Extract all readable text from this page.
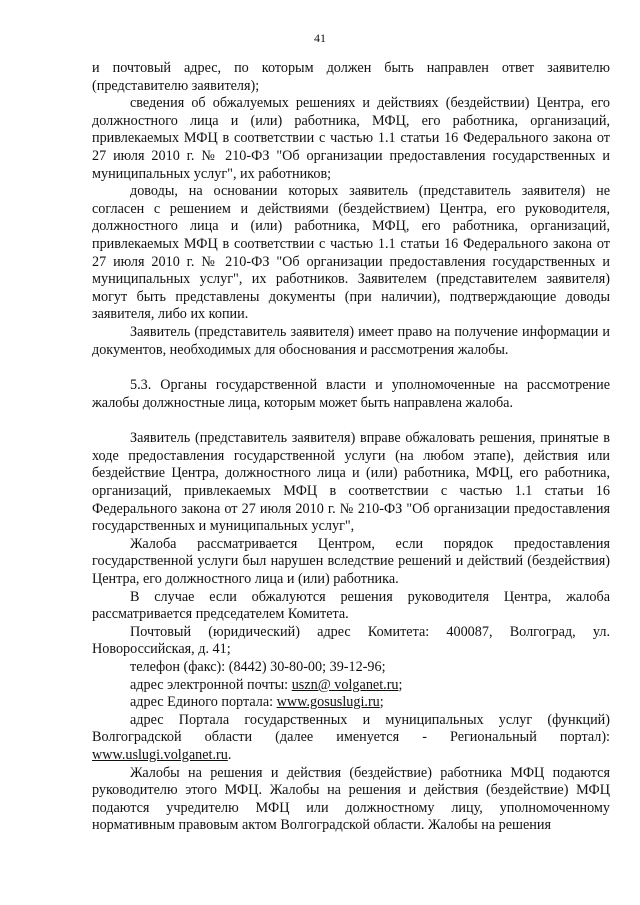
41

и почтовый адрес, по которым должен быть направлен ответ заявителю (представителю заявителя);

сведения об обжалуемых решениях и действиях (бездействии) Центра, его должностного лица и (или) работника, МФЦ, его работника, организаций, привлекаемых МФЦ в соответствии с частью 1.1 статьи 16 Федерального закона от 27 июля 2010 г. № 210-ФЗ "Об организации предоставления государственных и муниципальных услуг", их работников;

доводы, на основании которых заявитель (представитель заявителя) не согласен с решением и действиями (бездействием) Центра, его руководителя, должностного лица и (или) работника, МФЦ, его работника, организаций, привлекаемых МФЦ в соответствии с частью 1.1 статьи 16 Федерального закона от 27 июля 2010 г. № 210-ФЗ "Об организации предоставления государственных и муниципальных услуг", их работников. Заявителем (представителем заявителя) могут быть представлены документы (при наличии), подтверждающие доводы заявителя, либо их копии.

Заявитель (представитель заявителя) имеет право на получение информации и документов, необходимых для обоснования и рассмотрения жалобы.

5.3. Органы государственной власти и уполномоченные на рассмотрение жалобы должностные лица, которым может быть направлена жалоба.

Заявитель (представитель заявителя) вправе обжаловать решения, принятые в ходе предоставления государственной услуги (на любом этапе), действия или бездействие Центра, должностного лица и (или) работника, МФЦ, его работника, организаций, привлекаемых МФЦ в соответствии с частью 1.1 статьи 16 Федерального закона от 27 июля 2010 г. № 210-ФЗ "Об организации предоставления государственных и муниципальных услуг",

Жалоба рассматривается Центром, если порядок предоставления государственной услуги был нарушен вследствие решений и действий (бездействия) Центра, его должностного лица и (или) работника.

В случае если обжалуются решения руководителя Центра, жалоба рассматривается председателем Комитета.

Почтовый (юридический) адрес Комитета: 400087, Волгоград, ул. Новороссийская, д. 41;

телефон (факс): (8442) 30-80-00; 39-12-96;

адрес электронной почты: uszn@ volganet.ru;

адрес Единого портала: www.gosuslugi.ru;

адрес Портала государственных и муниципальных услуг (функций) Волгоградской области (далее именуется - Региональный портал): www.uslugi.volganet.ru.

Жалобы на решения и действия (бездействие) работника МФЦ подаются руководителю этого МФЦ. Жалобы на решения и действия (бездействие) МФЦ подаются учредителю МФЦ или должностному лицу, уполномоченному нормативным правовым актом Волгоградской области. Жалобы на решения
